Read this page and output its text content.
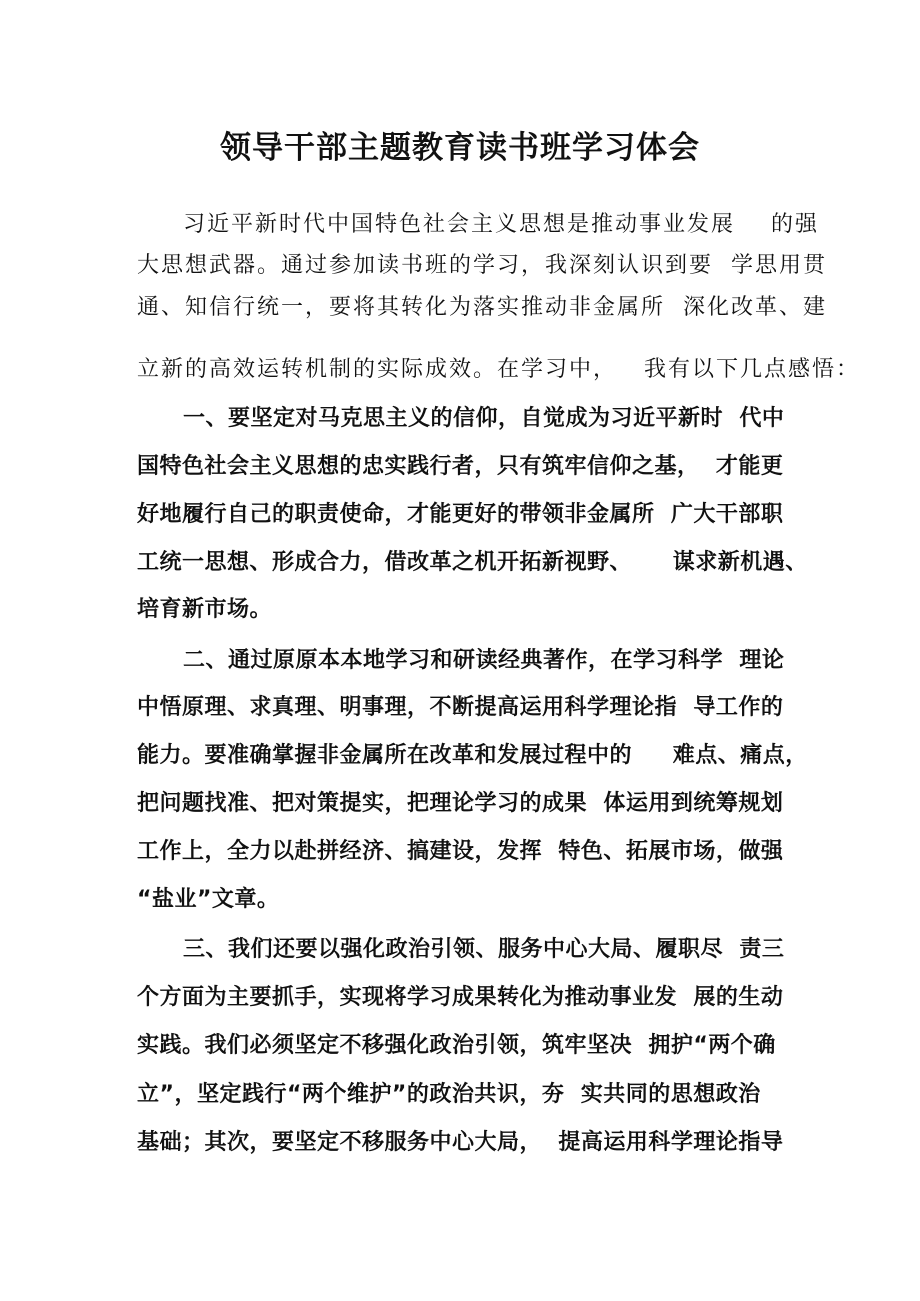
领导干部主题教育读书班学习体会
习近平新时代中国特色社会主义思想是推动事业发展    的强
大思想武器。通过参加读书班的学习，我深刻认识到要  学思用贯
通、知信行统一，要将其转化为落实推动非金属所  深化改革、建
立新的高效运转机制的实际成效。在学习中，   我有以下几点感悟：
一、要坚定对马克思主义的信仰，自觉成为习近平新时  代中
国特色社会主义思想的忠实践行者，只有筑牢信仰之基，  才能更
好地履行自己的职责使命，才能更好的带领非金属所  广大干部职
工统一思想、形成合力，借改革之机开拓新视野、     谋求新机遇、
培育新市场。
二、通过原原本本地学习和研读经典著作，在学习科学  理论
中悟原理、求真理、明事理，不断提高运用科学理论指  导工作的
能力。要准确掌握非金属所在改革和发展过程中的     难点、痛点，
把问题找准、把对策提实，把理论学习的成果  体运用到统筹规划
工作上，全力以赴拼经济、搞建设，发挥  特色、拓展市场，做强
“盐业”文章。
三、我们还要以强化政治引领、服务中心大局、履职尽  责三
个方面为主要抓手，实现将学习成果转化为推动事业发  展的生动
实践。我们必须坚定不移强化政治引领，筑牢坚决  拥护“两个确
立”，坚定践行“两个维护”的政治共识，夯  实共同的思想政治
基础；其次，要坚定不移服务中心大局，  提高运用科学理论指导
